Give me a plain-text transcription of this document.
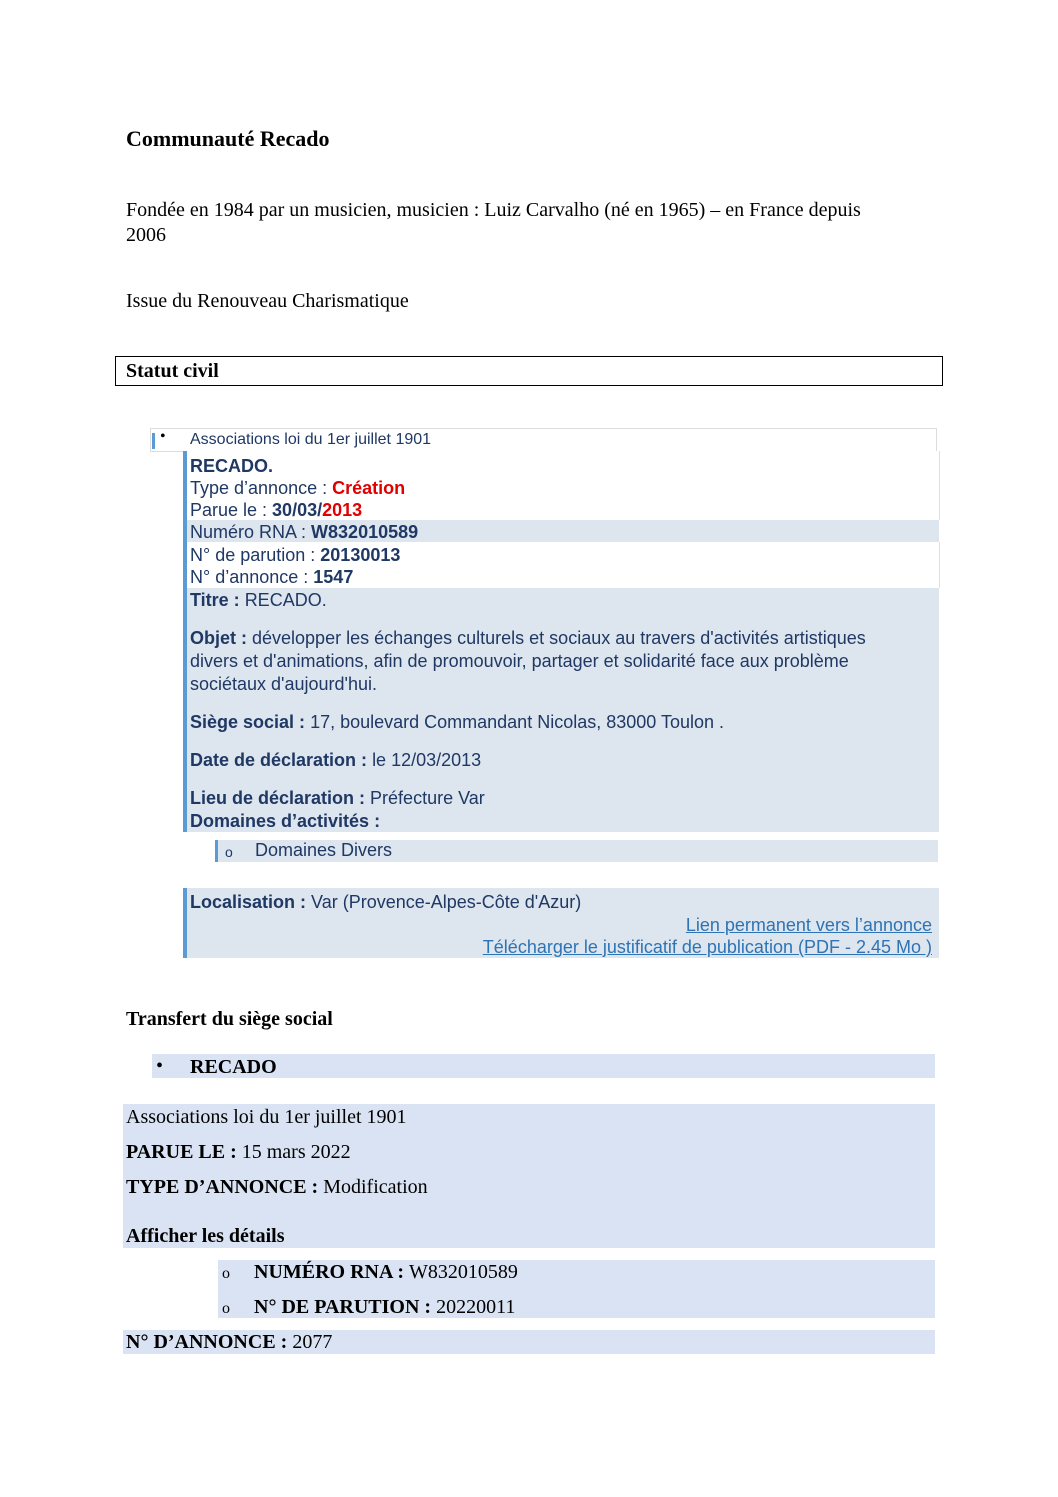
Communauté Recado

Fondée en 1984 par un musicien, musicien : Luiz Carvalho (né en 1965) – en France depuis

2006

Issue du Renouveau Charismatique

Statut civil
• Associations loi du 1er juillet 1901
RECADO.
Type d’annonce : Création
Parue le : 30/03/2013
Numéro RNA : W832010589
N° de parution : 20130013
N° d’annonce : 1547
Titre : RECADO.
Objet : développer les échanges culturels et sociaux au travers d'activités artistiques
divers et d'animations, afin de promouvoir, partager et solidarité face aux problème
sociétaux d'aujourd'hui.
Siège social : 17, boulevard Commandant Nicolas, 83000 Toulon .
Date de déclaration : le 12/03/2013
Lieu de déclaration : Préfecture Var
Domaines d’activités :
o Domaines Divers
Localisation : Var (Provence-Alpes-Côte d'Azur)
Lien permanent vers l’annonce
Télécharger le justificatif de publication (PDF - 2.45 Mo )
Transfert du siège social
• RECADO
Associations loi du 1er juillet 1901
PARUE LE : 15 mars 2022
TYPE D’ANNONCE : Modification
Afficher les détails
o NUMÉRO RNA : W832010589
o N° DE PARUTION : 20220011
N° D’ANNONCE : 2077
